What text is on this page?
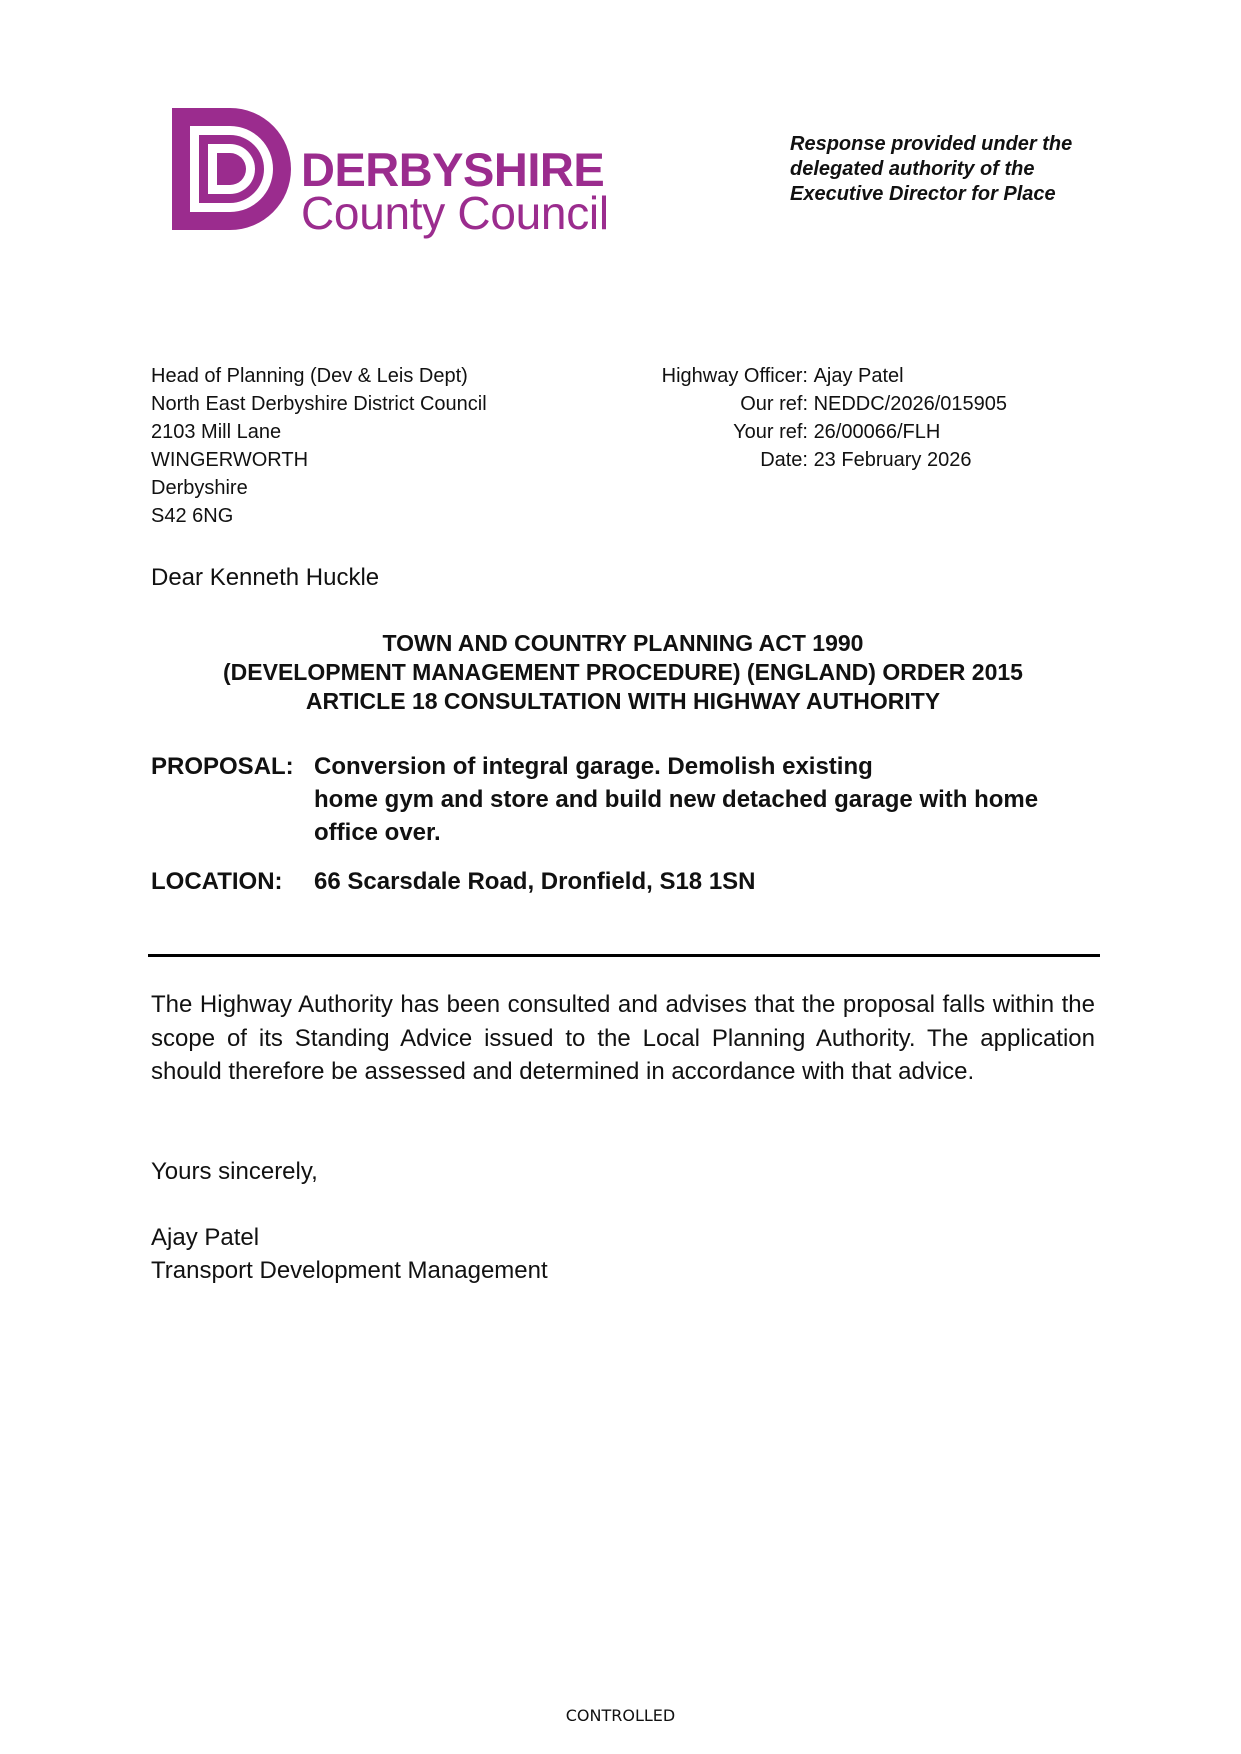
DERBYSHIRE
County Council
Response provided under the
delegated authority of the
Executive Director for Place
Head of Planning (Dev & Leis Dept)
North East Derbyshire District Council
2103 Mill Lane
WINGERWORTH
Derbyshire
S42 6NG
Highway Officer:
Ajay Patel
Our ref:
NEDDC/2026/015905
Your ref:
26/00066/FLH
Date:
23 February 2026
Dear Kenneth Huckle
TOWN AND COUNTRY PLANNING ACT 1990
(DEVELOPMENT MANAGEMENT PROCEDURE) (ENGLAND) ORDER 2015
ARTICLE 18 CONSULTATION WITH HIGHWAY AUTHORITY
PROPOSAL: Conversion of integral garage. Demolish existing
home gym and store and build new detached garage with home
office over.
LOCATION: 66 Scarsdale Road, Dronfield, S18 1SN
The Highway Authority has been consulted and advises that the proposal falls within the scope of its Standing Advice issued to the Local Planning Authority. The application should therefore be assessed and determined in accordance with that advice.
Yours sincerely,
Ajay Patel
Transport Development Management
CONTROLLED
